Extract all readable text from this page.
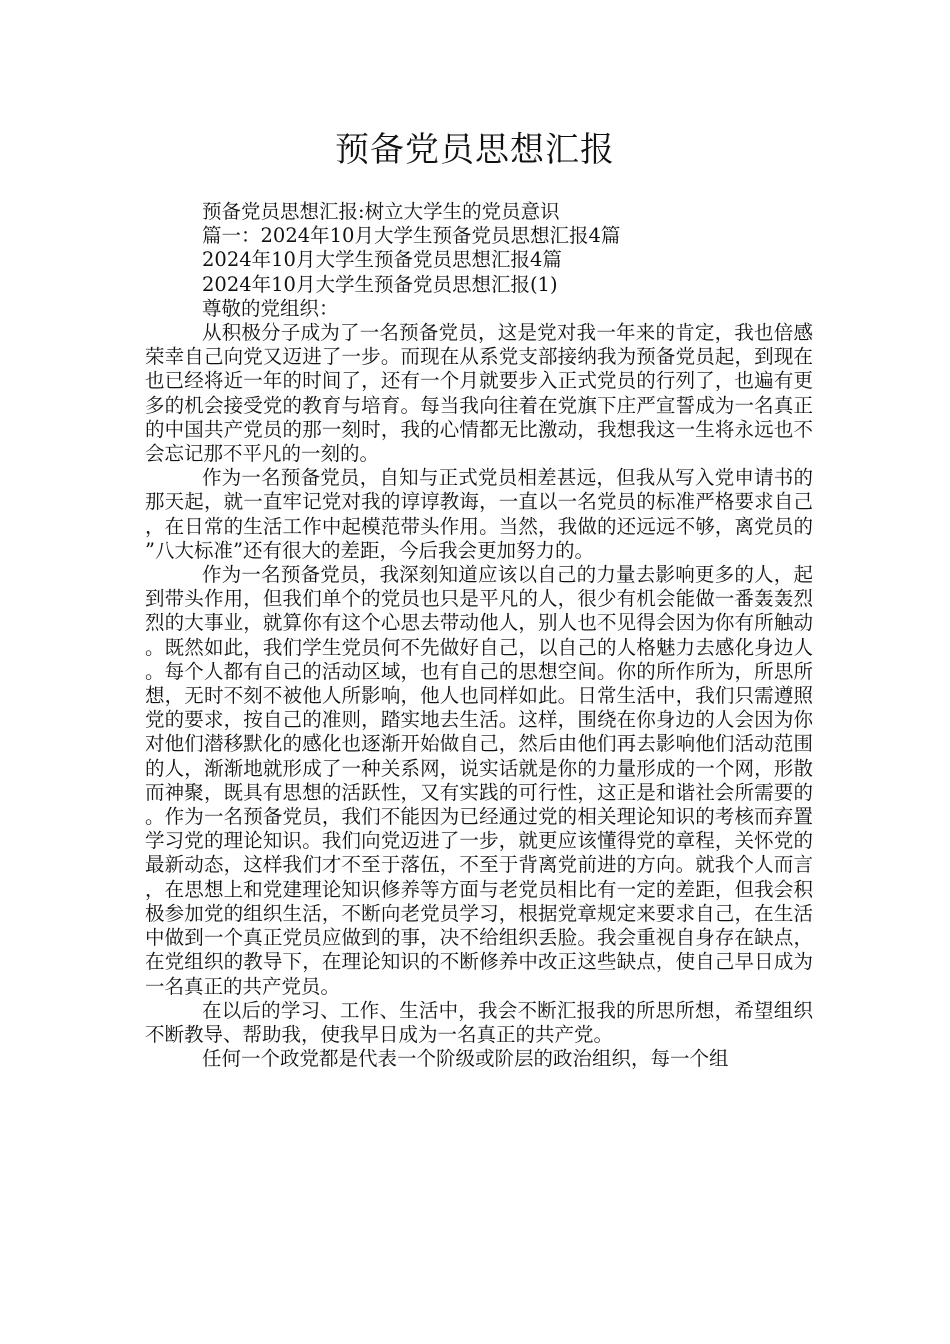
预备党员思想汇报

预备党员思想汇报:树立大学生的党员意识

篇一：2024年10月大学生预备党员思想汇报4篇

2024年10月大学生预备党员思想汇报4篇

2024年10月大学生预备党员思想汇报(1)

尊敬的党组织：

从积极分子成为了一名预备党员，这是党对我一年来的肯定，我也倍感荣幸自己向党又迈进了一步。而现在从系党支部接纳我为预备党员起，到现在也已经将近一年的时间了，还有一个月就要步入正式党员的行列了，也遍有更多的机会接受党的教育与培育。每当我向往着在党旗下庄严宣誓成为一名真正的中国共产党员的那一刻时，我的心情都无比激动，我想我这一生将永远也不会忘记那不平凡的一刻的。

作为一名预备党员，自知与正式党员相差甚远，但我从写入党申请书的那天起，就一直牢记党对我的谆谆教诲，一直以一名党员的标准严格要求自己，在日常的生活工作中起模范带头作用。当然，我做的还远远不够，离党员的”八大标准”还有很大的差距，今后我会更加努力的。

作为一名预备党员，我深刻知道应该以自己的力量去影响更多的人，起到带头作用，但我们单个的党员也只是平凡的人，很少有机会能做一番轰轰烈烈的大事业，就算你有这个心思去带动他人，别人也不见得会因为你有所触动。既然如此，我们学生党员何不先做好自己，以自己的人格魅力去感化身边人。每个人都有自己的活动区域，也有自己的思想空间。你的所作所为，所思所想，无时不刻不被他人所影响，他人也同样如此。日常生活中，我们只需遵照党的要求，按自己的准则，踏实地去生活。这样，围绕在你身边的人会因为你对他们潜移默化的感化也逐渐开始做自己，然后由他们再去影响他们活动范围的人，渐渐地就形成了一种关系网，说实话就是你的力量形成的一个网，形散而神聚，既具有思想的活跃性，又有实践的可行性，这正是和谐社会所需要的。作为一名预备党员，我们不能因为已经通过党的相关理论知识的考核而弃置学习党的理论知识。我们向党迈进了一步，就更应该懂得党的章程，关怀党的最新动态，这样我们才不至于落伍，不至于背离党前进的方向。就我个人而言，在思想上和党建理论知识修养等方面与老党员相比有一定的差距，但我会积极参加党的组织生活，不断向老党员学习，根据党章规定来要求自己，在生活中做到一个真正党员应做到的事，决不给组织丢脸。我会重视自身存在缺点，在党组织的教导下，在理论知识的不断修养中改正这些缺点，使自己早日成为一名真正的共产党员。

在以后的学习、工作、生活中，我会不断汇报我的所思所想，希望组织不断教导、帮助我，使我早日成为一名真正的共产党。

任何一个政党都是代表一个阶级或阶层的政治组织，每一个组
